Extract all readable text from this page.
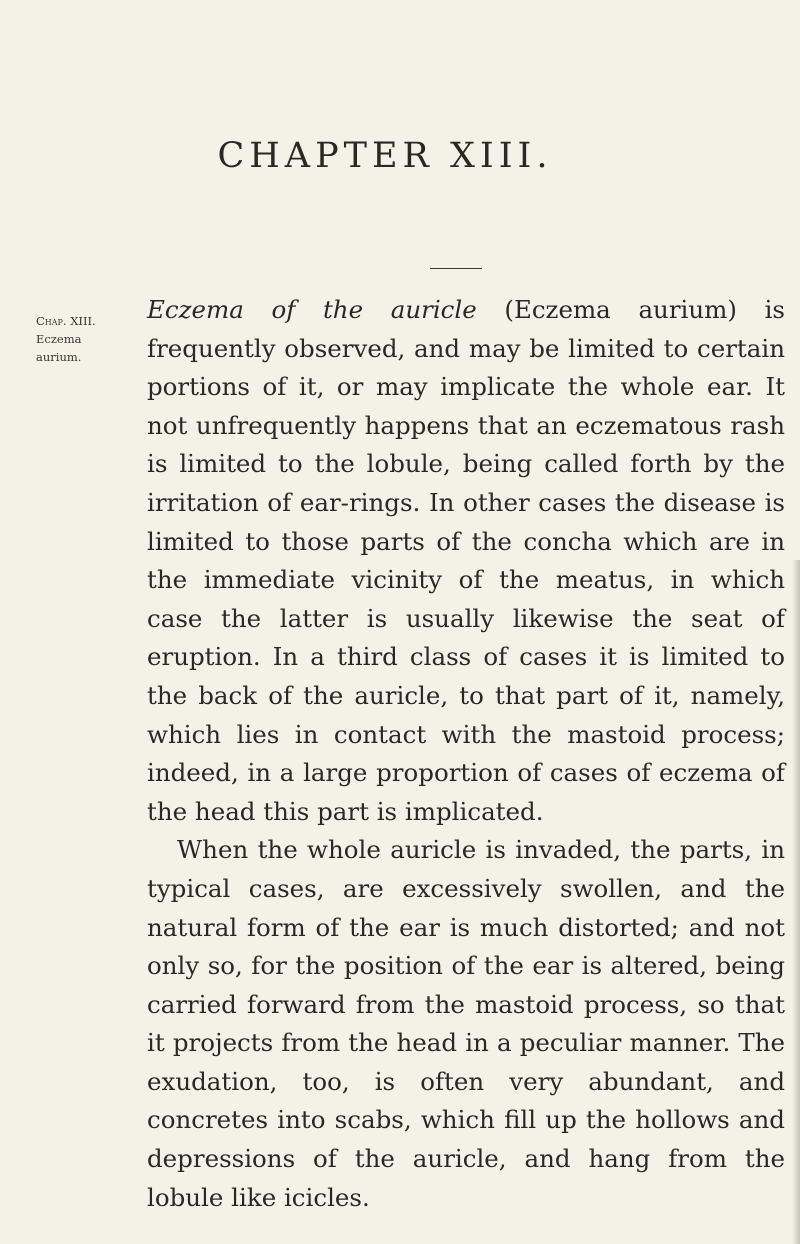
CHAPTER XIII.
Chap. XIII.
Eczema aurium.

Eczema of the auricle (Eczema aurium) is frequently observed, and may be limited to certain portions of it, or may implicate the whole ear. It not unfrequently happens that an eczematous rash is limited to the lobule, being called forth by the irritation of ear-rings. In other cases the disease is limited to those parts of the concha which are in the immediate vicinity of the meatus, in which case the latter is usually likewise the seat of eruption. In a third class of cases it is limited to the back of the auricle, to that part of it, namely, which lies in contact with the mastoid process; indeed, in a large proportion of cases of eczema of the head this part is implicated.

When the whole auricle is invaded, the parts, in typical cases, are excessively swollen, and the natural form of the ear is much distorted; and not only so, for the position of the ear is altered, being carried forward from the mastoid process, so that it projects from the head in a peculiar manner. The exudation, too, is often very abundant, and concretes into scabs, which fill up the hollows and depressions of the auricle, and hang from the lobule like icicles.
